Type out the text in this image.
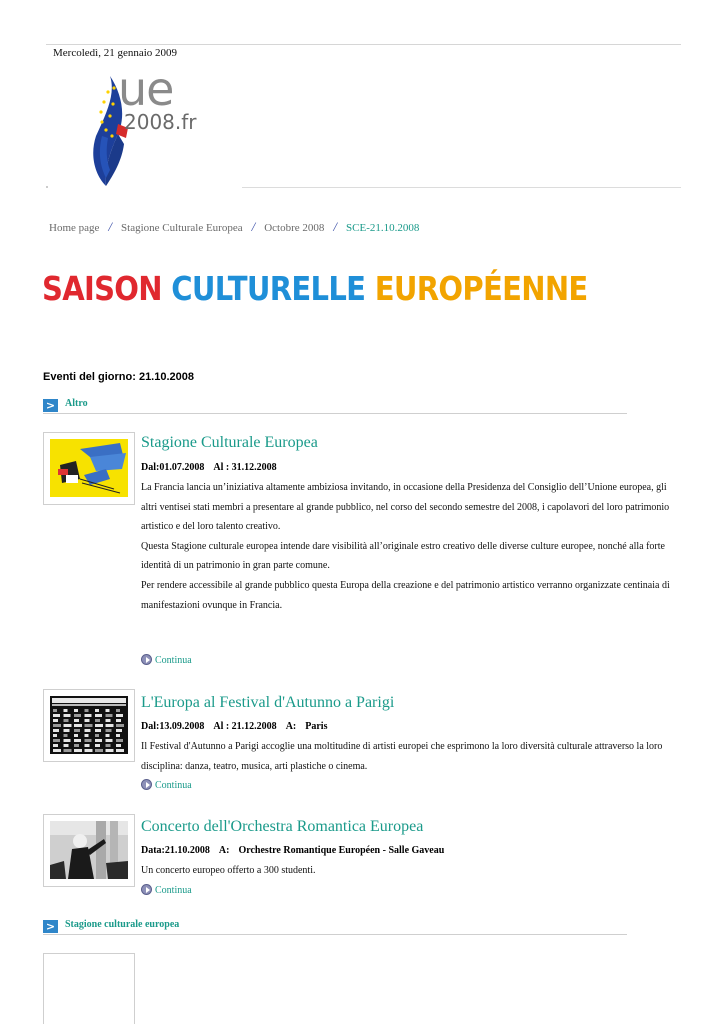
Mercoledì, 21 gennaio 2009
ue
2008.fr
Home page / Stagione Culturale Europea / Octobre 2008 / SCE-21.10.2008
SAISON CULTURELLE EUROPÉENNE
Eventi del giorno: 21.10.2008
> Altro
Stagione Culturale Europea
Dal:01.07.2008 Al : 31.12.2008

La Francia lancia un’iniziativa altamente ambiziosa invitando, in occasione della Presidenza del Consiglio dell’Unione europea, gli altri ventisei stati membri a presentare al grande pubblico, nel corso del secondo semestre del 2008, i capolavori del loro patrimonio artistico e del loro talento creativo.

Questa Stagione culturale europea intende dare visibilità all’originale estro creativo delle diverse culture europee, nonché alla forte identità di un patrimonio in gran parte comune.

Per rendere accessibile al grande pubblico questa Europa della creazione e del patrimonio artistico verranno organizzate centinaia di manifestazioni ovunque in Francia.

Continua
L'Europa al Festival d'Autunno a Parigi
Dal:13.09.2008 Al : 21.12.2008 A: Paris

Il Festival d'Autunno a Parigi accoglie una moltitudine di artisti europei che esprimono la loro diversità culturale attraverso la loro disciplina: danza, teatro, musica, arti plastiche o cinema.

Continua
Concerto dell'Orchestra Romantica Europea
Data:21.10.2008 A: Orchestre Romantique Européen - Salle Gaveau

Un concerto europeo offerto a 300 studenti.

Continua
> Stagione culturale europea
